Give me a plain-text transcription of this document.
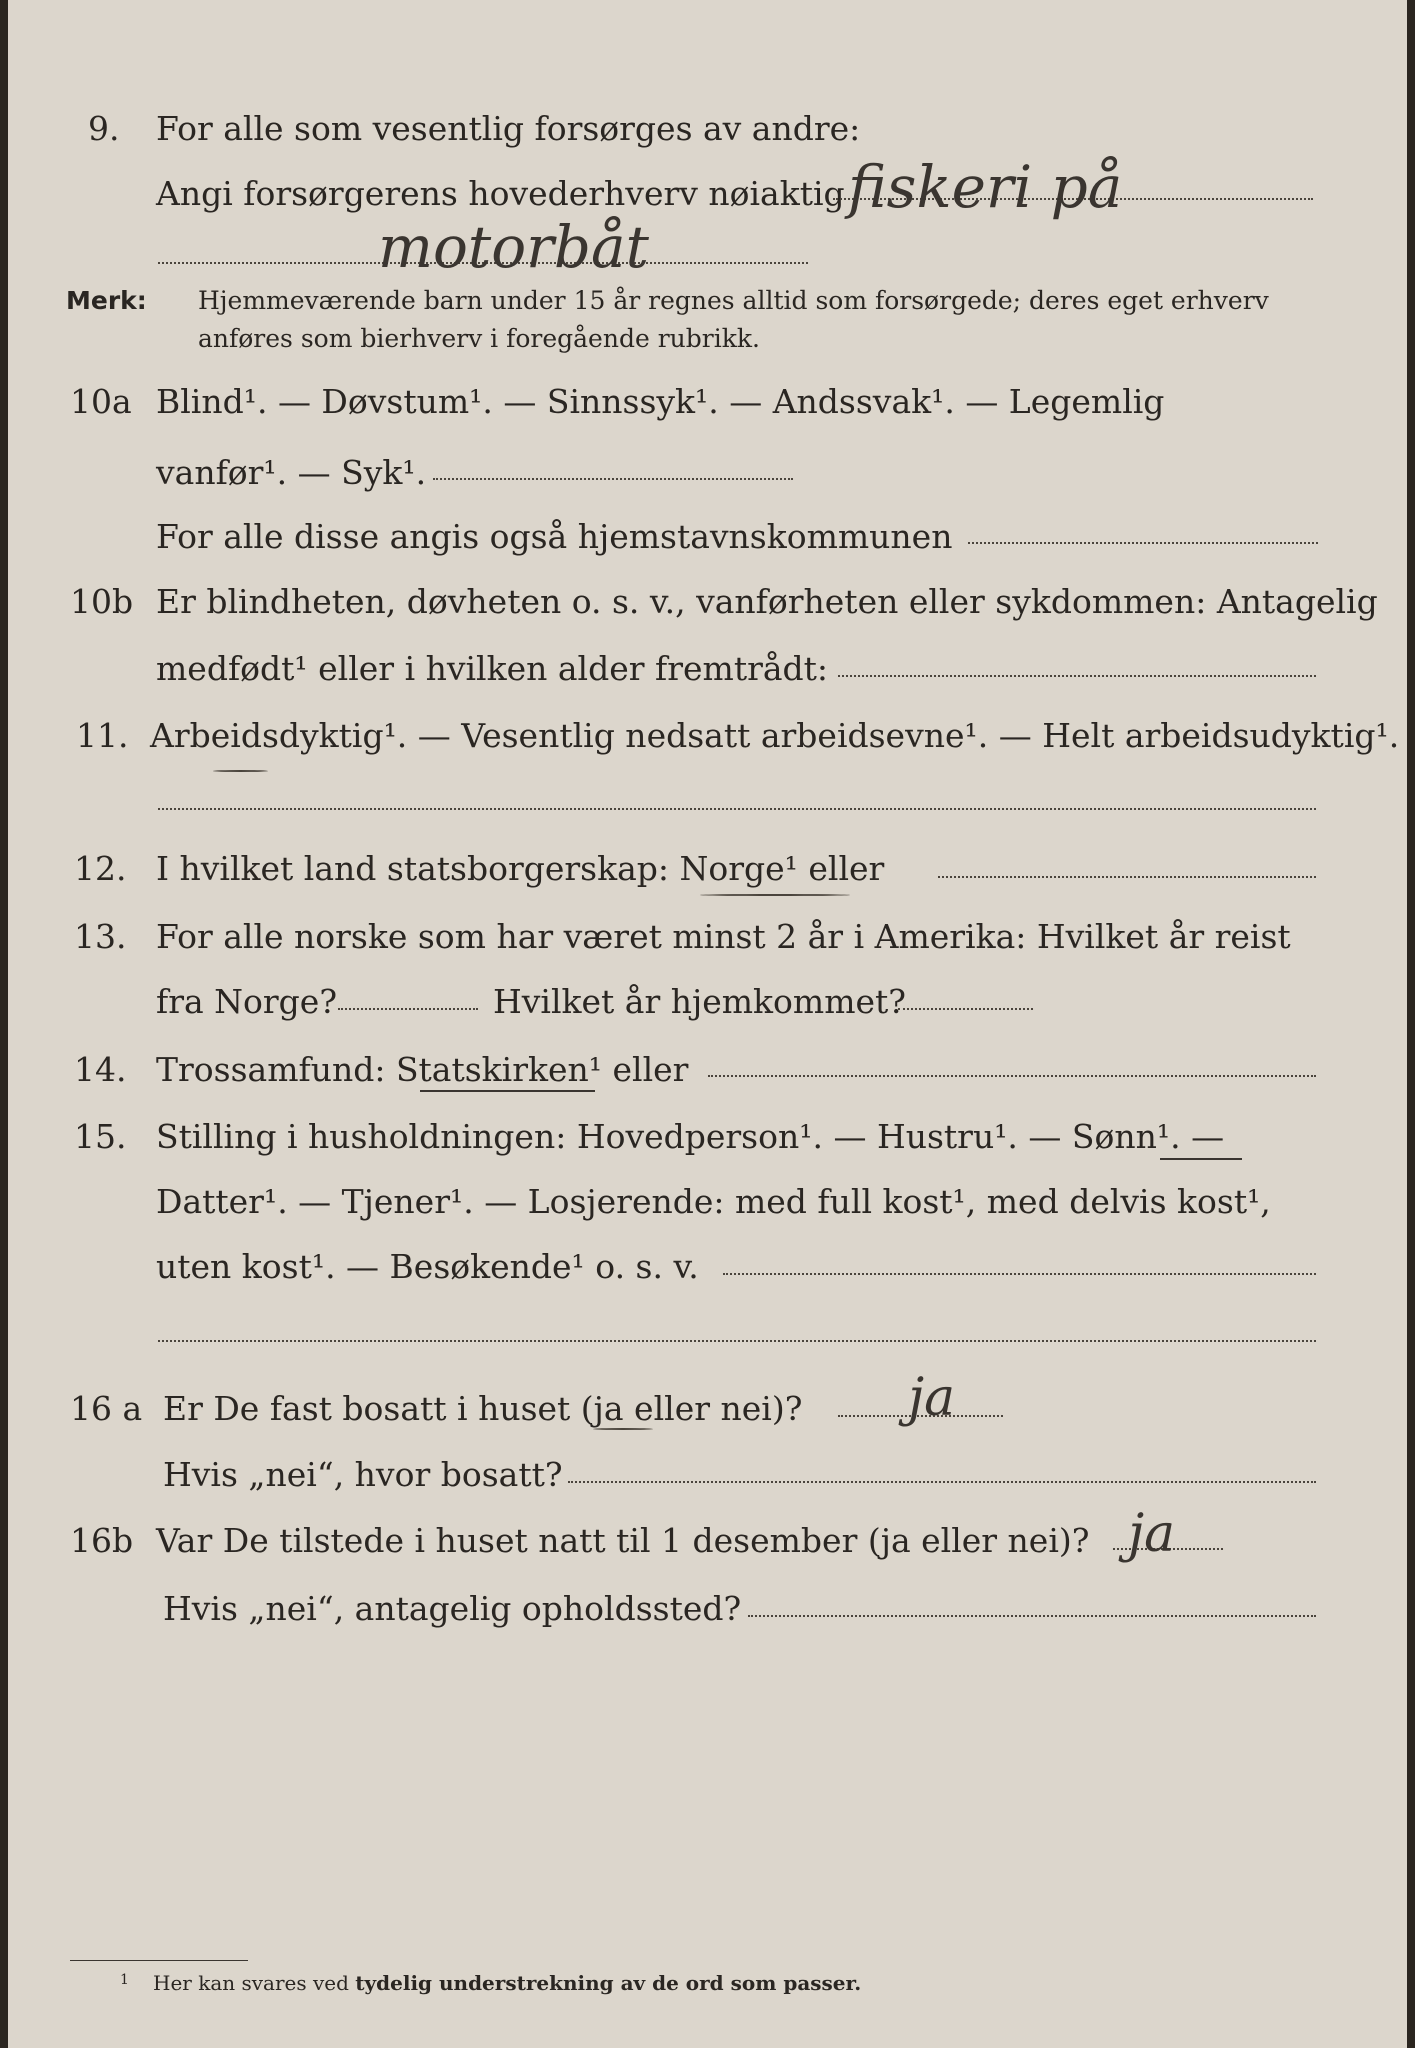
9. For alle som vesentlig forsørges av andre:
Angi forsørgerens hovederhverv nøiaktig fiskeri på
motorbåt
Merk: Hjemmeværende barn under 15 år regnes alltid som forsørgede; deres eget erhverv
anføres som bierhverv i foregående rubrikk.
10a Blind¹. — Døvstum¹. — Sinnssyk¹. — Andssvak¹. — Legemlig
vanfør¹. — Syk¹.
For alle disse angis også hjemstavnskommunen
10b Er blindheten, døvheten o. s. v., vanførheten eller sykdommen: Antagelig
medfødt¹ eller i hvilken alder fremtrådt:
11. Arbeidsdyktig¹. — Vesentlig nedsatt arbeidsevne¹. — Helt arbeidsudyktig¹.
12. I hvilket land statsborgerskap: Norge¹ eller
13. For alle norske som har været minst 2 år i Amerika: Hvilket år reist
fra Norge?	Hvilket år hjemkommet?
14. Trossamfund: Statskirken¹ eller
15. Stilling i husholdningen: Hovedperson¹. — Hustru¹. — Sønn¹. —
Datter¹. — Tjener¹. — Losjerende: med full kost¹, med delvis kost¹,
uten kost¹. — Besøkende¹ o. s. v.
16 a Er De fast bosatt i huset (ja eller nei)? ja
Hvis „nei“, hvor bosatt?
16b Var De tilstede i huset natt til 1 desember (ja eller nei)? ja
Hvis „nei“, antagelig opholdssted?
1 Her kan svares ved tydelig understrekning av de ord som passer.
